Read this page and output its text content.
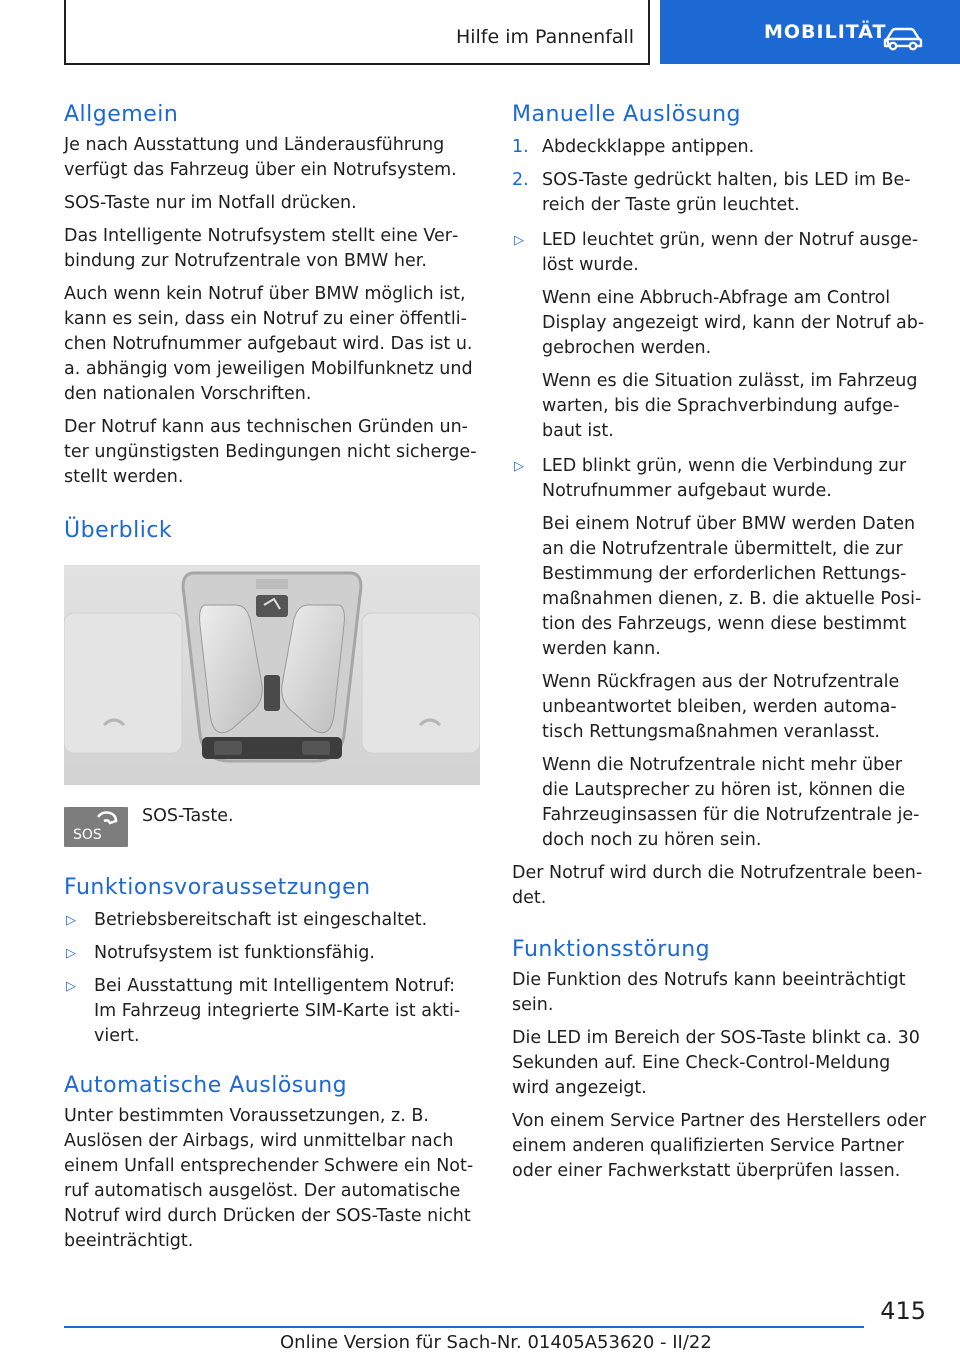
Hilfe im Pannenfall	MOBILITÄT
Allgemein

Je nach Ausstattung und Länderausführung verfügt das Fahrzeug über ein Notrufsystem.

SOS-Taste nur im Notfall drücken.

Das Intelligente Notrufsystem stellt eine Verbindung zur Notrufzentrale von BMW her.

Auch wenn kein Notruf über BMW möglich ist, kann es sein, dass ein Notruf zu einer öffentlichen Notrufnummer aufgebaut wird. Das ist u. a. abhängig vom jeweiligen Mobilfunknetz und den nationalen Vorschriften.

Der Notruf kann aus technischen Gründen unter ungünstigsten Bedingungen nicht sichergestellt werden.

Überblick
SOS
SOS-Taste.
Funktionsvoraussetzungen
▷	Betriebsbereitschaft ist eingeschaltet.
▷	Notrufsystem ist funktionsfähig.
▷	Bei Ausstattung mit Intelligentem Notruf: Im Fahrzeug integrierte SIM-Karte ist aktiviert.
Automatische Auslösung

Unter bestimmten Voraussetzungen, z. B. Auslösen der Airbags, wird unmittelbar nach einem Unfall entsprechender Schwere ein Notruf automatisch ausgelöst. Der automatische Notruf wird durch Drücken der SOS-Taste nicht beeinträchtigt.

Manuelle Auslösung
1. Abdeckklappe antippen.
2. SOS-Taste gedrückt halten, bis LED im Bereich der Taste grün leuchtet.
▷	LED leuchtet grün, wenn der Notruf ausgelöst wurde.

Wenn eine Abbruch-Abfrage am Control Display angezeigt wird, kann der Notruf abgebrochen werden.

Wenn es die Situation zulässt, im Fahrzeug warten, bis die Sprachverbindung aufgebaut ist.

▷	LED blinkt grün, wenn die Verbindung zur Notrufnummer aufgebaut wurde.

Bei einem Notruf über BMW werden Daten an die Notrufzentrale übermittelt, die zur Bestimmung der erforderlichen Rettungsmaßnahmen dienen, z. B. die aktuelle Position des Fahrzeugs, wenn diese bestimmt werden kann.

Wenn Rückfragen aus der Notrufzentrale unbeantwortet bleiben, werden automatisch Rettungsmaßnahmen veranlasst.

Wenn die Notrufzentrale nicht mehr über die Lautsprecher zu hören ist, können die Fahrzeuginsassen für die Notrufzentrale jedoch noch zu hören sein.

Der Notruf wird durch die Notrufzentrale beendet.

Funktionsstörung

Die Funktion des Notrufs kann beeinträchtigt sein.

Die LED im Bereich der SOS-Taste blinkt ca. 30 Sekunden auf. Eine Check-Control-Meldung wird angezeigt.

Von einem Service Partner des Herstellers oder einem anderen qualifizierten Service Partner oder einer Fachwerkstatt überprüfen lassen.

415
Online Version für Sach-Nr. 01405A53620 - II/22
